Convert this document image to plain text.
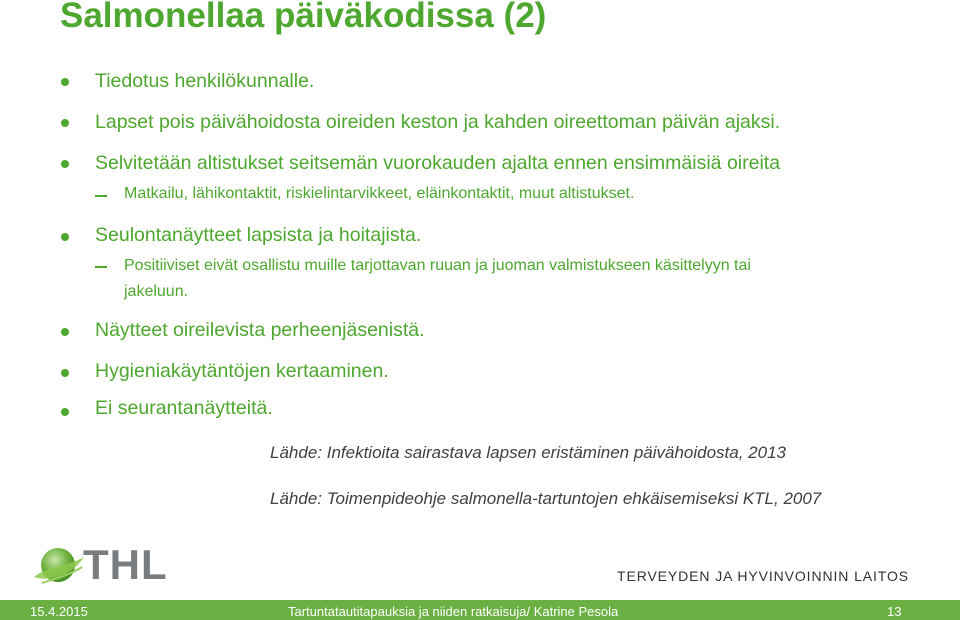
Salmonellaa päiväkodissa (2)
Tiedotus henkilökunnalle.
Lapset pois päivähoidosta oireiden keston ja kahden oireettoman päivän ajaksi.
Selvitetään altistukset seitsemän vuorokauden ajalta ennen ensimmäisiä oireita
Matkailu, lähikontaktit, riskielintarvikkeet, eläinkontaktit, muut altistukset.
Seulontanäytteet lapsista ja hoitajista.
Positiiviset eivät osallistu muille tarjottavan ruuan ja juoman valmistukseen käsittelyyn tai
jakeluun.
Näytteet oireilevista perheenjäsenistä.
Hygieniakäytäntöjen kertaaminen.
Ei seurantanäytteitä.
Lähde: Infektioita sairastava lapsen eristäminen päivähoidosta, 2013
Lähde: Toimenpideohje salmonella-tartuntojen ehkäisemiseksi KTL, 2007
THL	TERVEYDEN JA HYVINVOINNIN LAITOS
15.4.2015	Tartuntatautitapauksia ja niiden ratkaisuja/ Katrine Pesola	13
